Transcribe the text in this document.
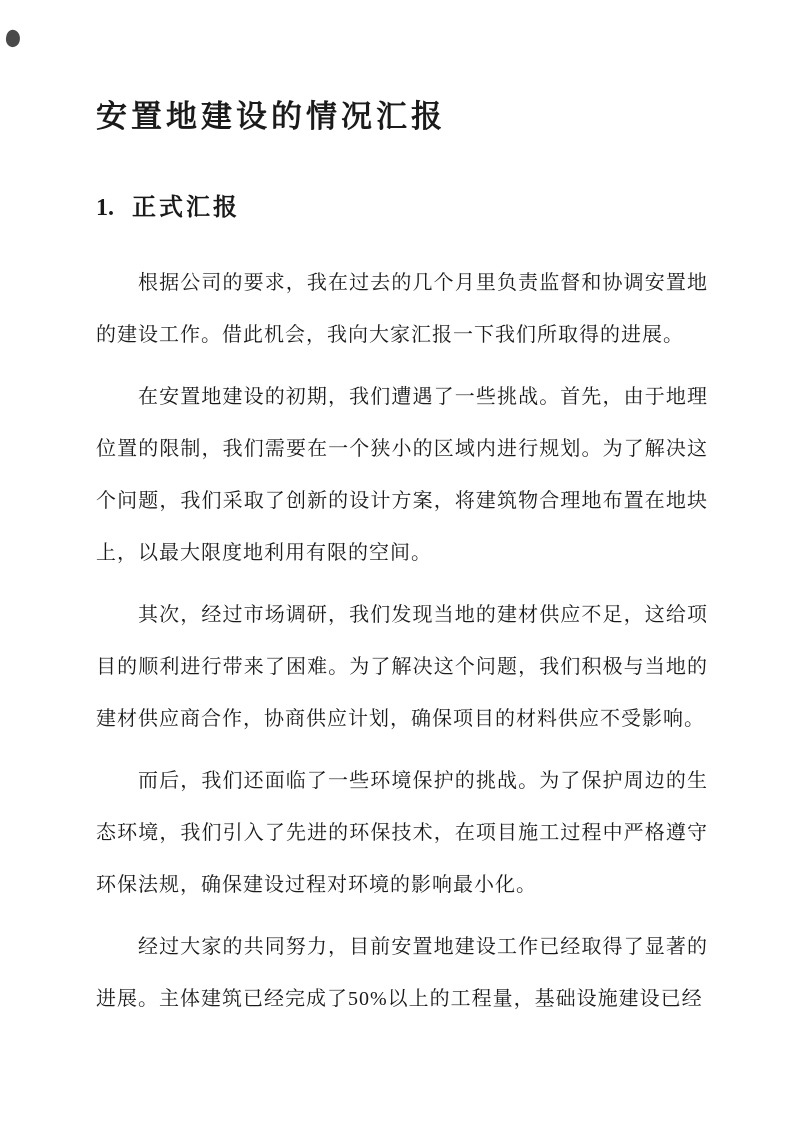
安置地建设的情况汇报
1. 正式汇报

根据公司的要求，我在过去的几个月里负责监督和协调安置地的建设工作。借此机会，我向大家汇报一下我们所取得的进展。

在安置地建设的初期，我们遭遇了一些挑战。首先，由于地理位置的限制，我们需要在一个狭小的区域内进行规划。为了解决这个问题，我们采取了创新的设计方案，将建筑物合理地布置在地块上，以最大限度地利用有限的空间。

其次，经过市场调研，我们发现当地的建材供应不足，这给项目的顺利进行带来了困难。为了解决这个问题，我们积极与当地的建材供应商合作，协商供应计划，确保项目的材料供应不受影响。

而后，我们还面临了一些环境保护的挑战。为了保护周边的生态环境，我们引入了先进的环保技术，在项目施工过程中严格遵守环保法规，确保建设过程对环境的影响最小化。

经过大家的共同努力，目前安置地建设工作已经取得了显著的进展。主体建筑已经完成了50%以上的工程量，基础设施建设已经
